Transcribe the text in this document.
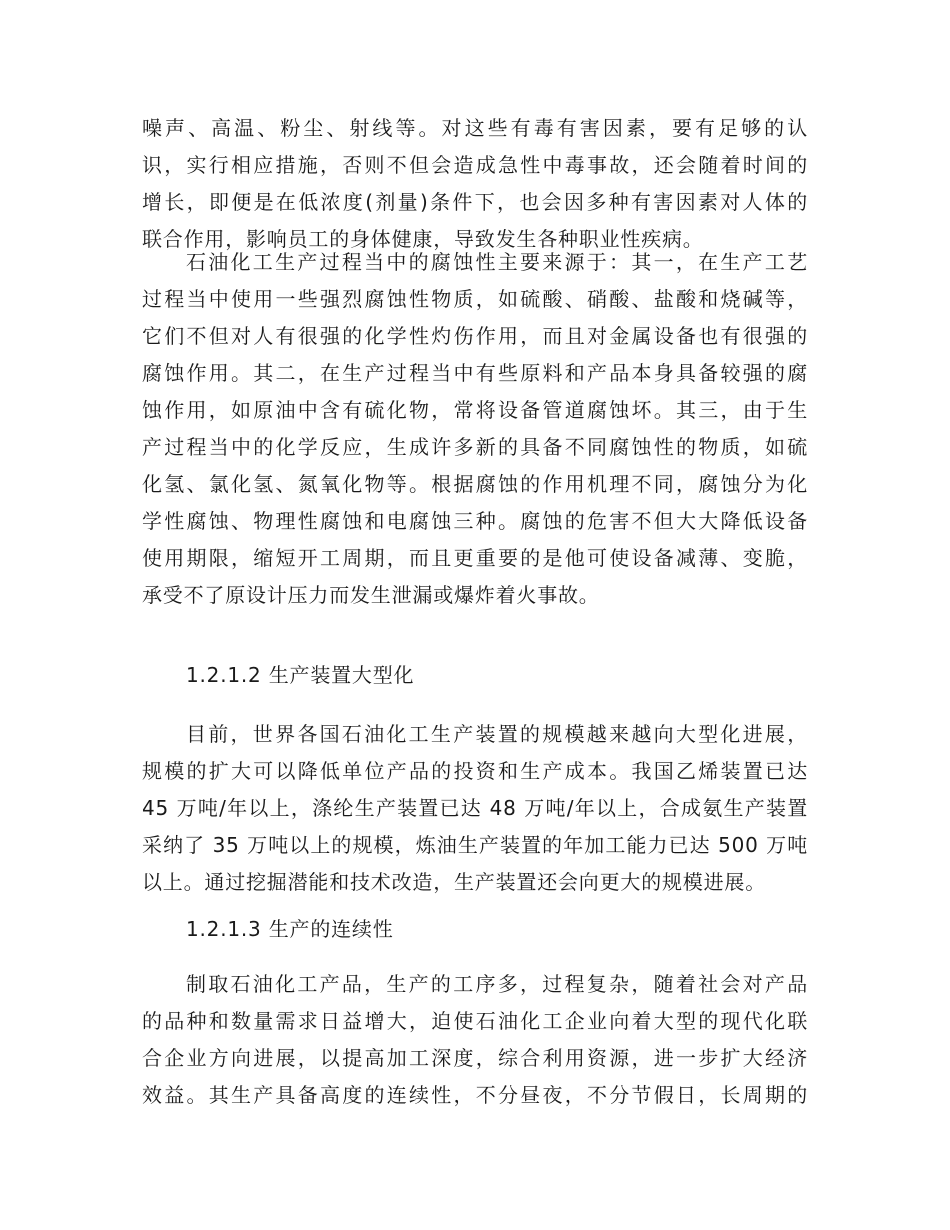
噪声、高温、粉尘、射线等。对这些有毒有害因素，要有足够的认
识，实行相应措施，否则不但会造成急性中毒事故，还会随着时间的
增长，即便是在低浓度(剂量)条件下，也会因多种有害因素对人体的
联合作用，影响员工的身体健康，导致发生各种职业性疾病。
石油化工生产过程当中的腐蚀性主要来源于：其一，在生产工艺
过程当中使用一些强烈腐蚀性物质，如硫酸、硝酸、盐酸和烧碱等，
它们不但对人有很强的化学性灼伤作用，而且对金属设备也有很强的
腐蚀作用。其二，在生产过程当中有些原料和产品本身具备较强的腐
蚀作用，如原油中含有硫化物，常将设备管道腐蚀坏。其三，由于生
产过程当中的化学反应，生成许多新的具备不同腐蚀性的物质，如硫
化氢、氯化氢、氮氧化物等。根据腐蚀的作用机理不同，腐蚀分为化
学性腐蚀、物理性腐蚀和电腐蚀三种。腐蚀的危害不但大大降低设备
使用期限，缩短开工周期，而且更重要的是他可使设备减薄、变脆，
承受不了原设计压力而发生泄漏或爆炸着火事故。
1.2.1.2 生产装置大型化
目前，世界各国石油化工生产装置的规模越来越向大型化进展，
规模的扩大可以降低单位产品的投资和生产成本。我国乙烯装置已达
45 万吨/年以上，涤纶生产装置已达 48 万吨/年以上，合成氨生产装置
采纳了 35 万吨以上的规模，炼油生产装置的年加工能力已达 500 万吨
以上。通过挖掘潜能和技术改造，生产装置还会向更大的规模进展。
1.2.1.3 生产的连续性
制取石油化工产品，生产的工序多，过程复杂，随着社会对产品
的品种和数量需求日益增大，迫使石油化工企业向着大型的现代化联
合企业方向进展，以提高加工深度，综合利用资源，进一步扩大经济
效益。其生产具备高度的连续性，不分昼夜，不分节假日，长周期的
